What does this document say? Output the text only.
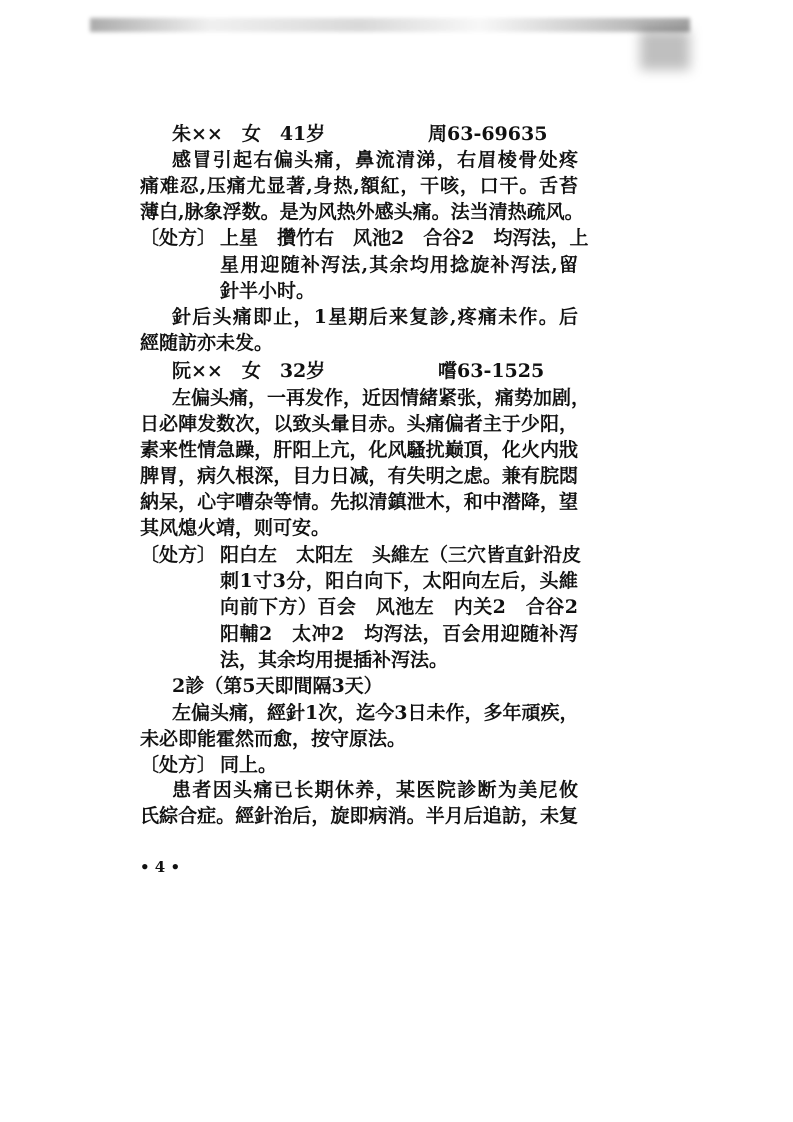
朱××　女　41岁	周63-69635
感冒引起右偏头痛，鼻流清涕，右眉棱骨处疼
痛难忍,压痛尤显著,身热,額紅，干咳，口干。舌苔
薄白,脉象浮数。是为风热外感头痛。法当清热疏风。
〔处方〕 上星　攢竹右　风池2　合谷2　均泻法，上
星用迎随补泻法,其余均用捻旋补泻法,留
針半小时。
針后头痛即止，1星期后来复診,疼痛未作。后
經随訪亦未发。
阮××　女　32岁	嚐63-1525
左偏头痛，一再发作，近因情緒紧张，痛势加剧，
日必陣发数次，以致头暈目赤。头痛偏者主于少阳，
素来性情急躁，肝阳上亢，化风騷扰巅頂，化火内戕
脾胃，病久根深，目力日减，有失明之虑。兼有脘悶
納呆，心宇嘈杂等情。先拟清鎮泄木，和中潜降，望
其风熄火靖，则可安。
〔处方〕 阳白左　太阳左　头維左（三穴皆直針沿皮
刺1寸3分，阳白向下，太阳向左后，头維
向前下方）百会　风池左　内关2　合谷2
阳輔2　太冲2　均泻法，百会用迎随补泻
法，其余均用提插补泻法。
2診（第5天即間隔3天）
左偏头痛，經針1次，迄今3日未作，多年頑疾，
未必即能霍然而愈，按守原法。
〔处方〕 同上。
患者因头痛已长期休养，某医院診断为美尼攸
氏綜合症。經針治后，旋即病消。半月后追訪，未复
• 4 •
